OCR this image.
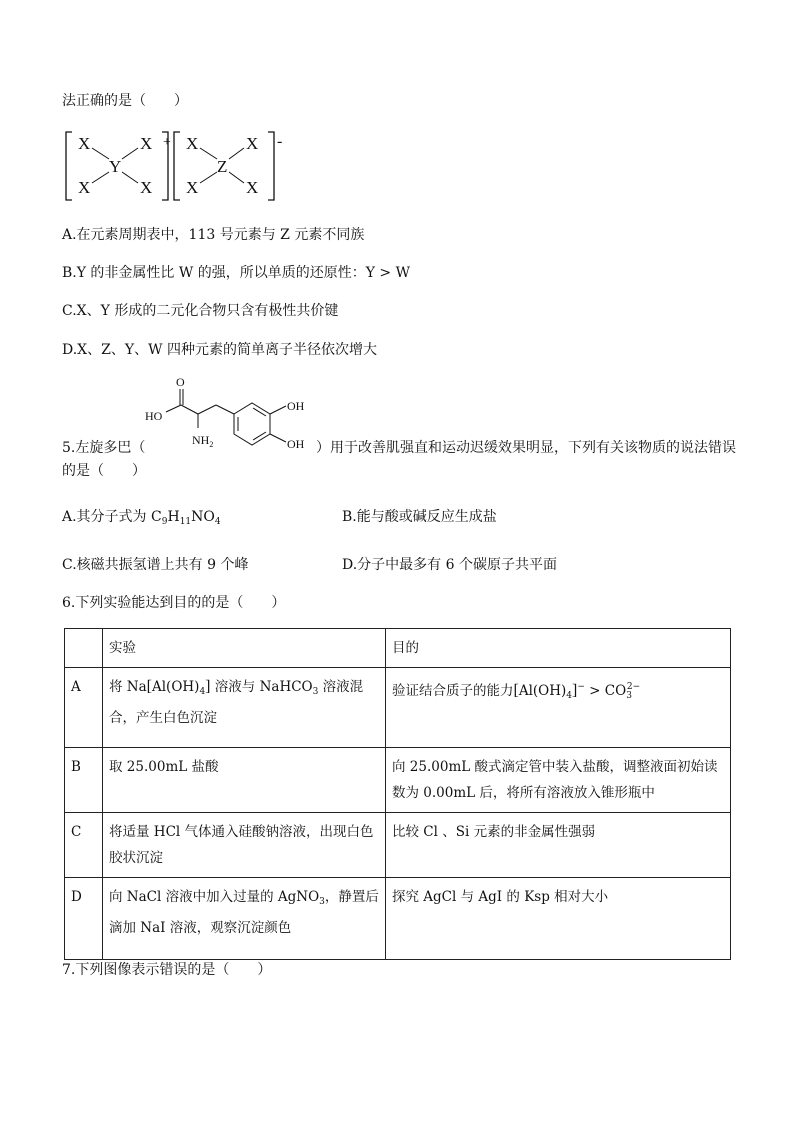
法正确的是（　　）
X	X
Y
X	X
+ X	X
Z
X	X
-
A.在元素周期表中，113 号元素与 Z 元素不同族
B.Y 的非金属性比 W 的强，所以单质的还原性：Y > W
C.X、Y 形成的二元化合物只含有极性共价键
D.X、Z、Y、W 四种元素的简单离子半径依次增大
5.左旋多巴（
O
HO
$NH_2$
OH
OH ）用于改善肌强直和运动迟缓效果明显，下列有关该物质的说法错误
的是（　　）
A.其分子式为 $C_9H_{11}NO_4$	B.能与酸或碱反应生成盐
C.核磁共振氢谱上共有 9 个峰	D.分子中最多有 6 个碳原子共平面
6.下列实验能达到目的的是（　　）
	实验	目的
A	将 $Na[Al(OH)_4]$ 溶液与 NaHCO$_3$ 溶液混合，产生白色沉淀	验证结合质子的能力$[Al(OH)_4]^- > CO_3^{2-}$
B	取 25.00mL 盐酸	向 25.00mL 酸式滴定管中装入盐酸，调整液面初始读数为 0.00mL 后，将所有溶液放入锥形瓶中
C	将适量 HCl 气体通入硅酸钠溶液，出现白色胶状沉淀	比较 Cl 、Si 元素的非金属性强弱
D	向 NaCl 溶液中加入过量的 AgNO$_3$，静置后滴加 NaI 溶液，观察沉淀颜色	探究 AgCl 与 AgI 的 Ksp 相对大小
7.下列图像表示错误的是（　　）
